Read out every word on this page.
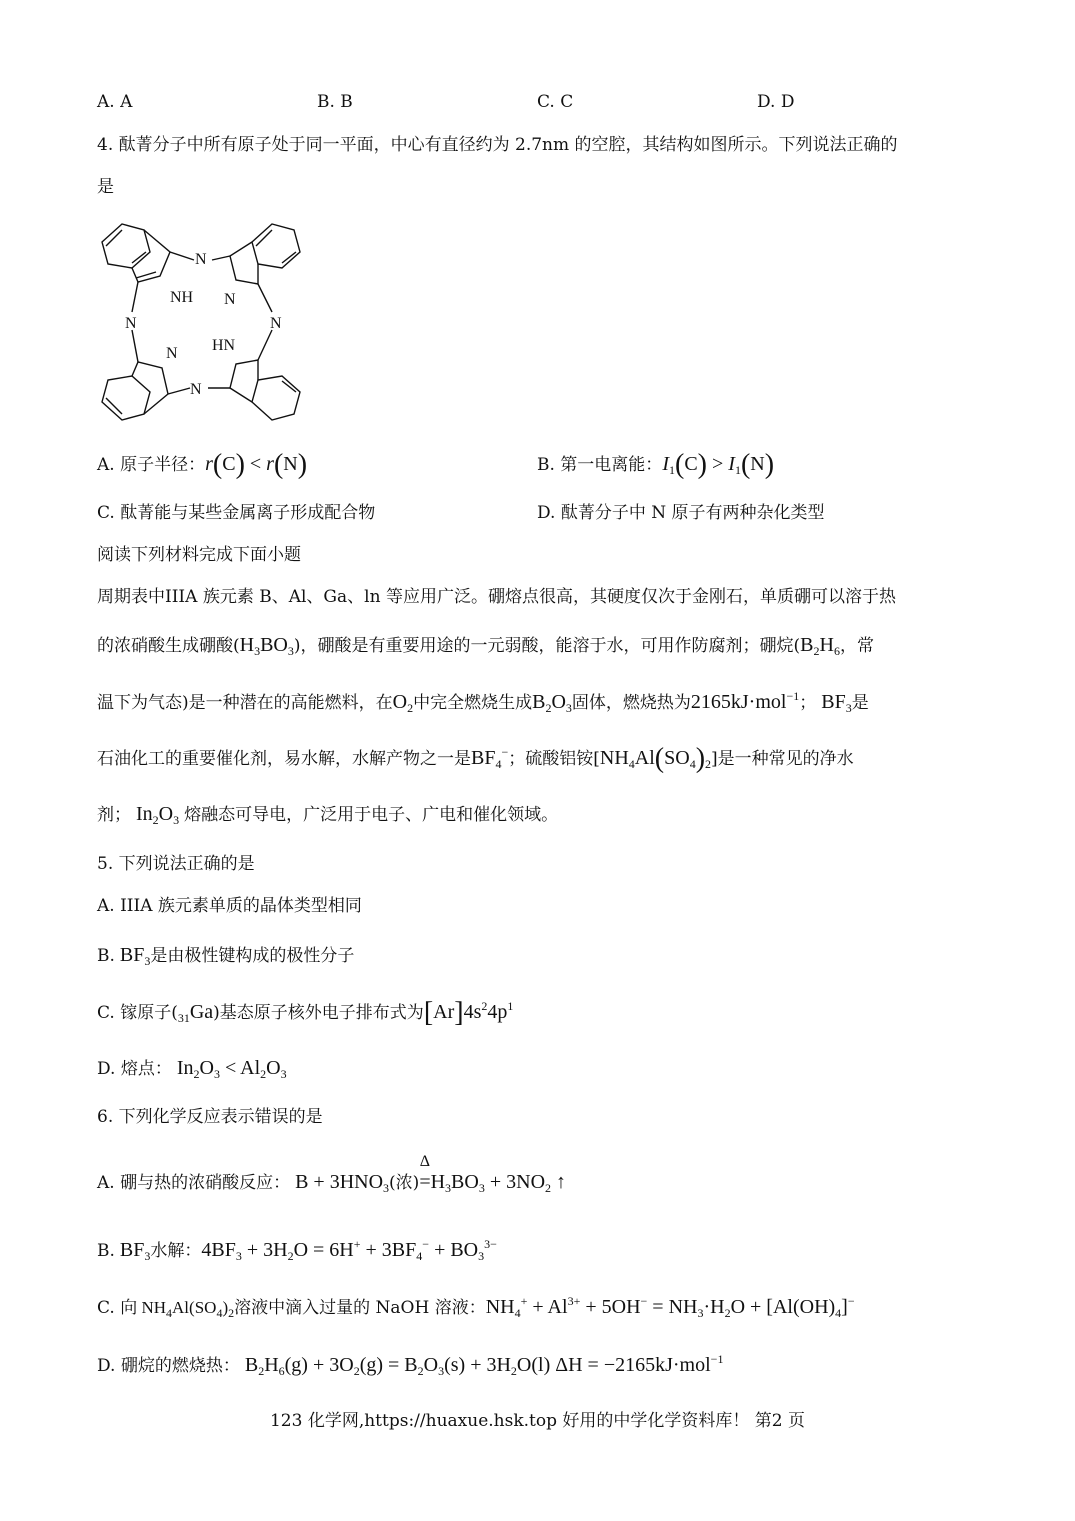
A. A	B. B	C. C	D. D
4. 酞菁分子中所有原子处于同一平面，中心有直径约为 2.7nm 的空腔，其结构如图所示。下列说法正确的
是
N
NH N
N	N
HN
N
N
A. 原子半径：r(C) < r(N)	B. 第一电离能：$I_1(C) > I_1(N)$
C. 酞菁能与某些金属离子形成配合物	D. 酞菁分子中 N 原子有两种杂化类型
阅读下列材料完成下面小题
周期表中IIIA 族元素 B、Al、Ga、ln 等应用广泛。硼熔点很高，其硬度仅次于金刚石，单质硼可以溶于热
的浓硝酸生成硼酸$(H_3BO_3)$，硼酸是有重要用途的一元弱酸，能溶于水，可用作防腐剂；硼烷($B_2H_6$，常
温下为气态)是一种潜在的高能燃料，在$O_2$中完全燃烧生成$B_2O_3$固体，燃烧热为2165kJ·mol$^{-1}$； $BF_3$是
石油化工的重要催化剂，易水解，水解产物之一是$BF_4^-$；硫酸铝铵$[NH_4Al(SO_4)_2]$是一种常见的净水
剂； $In_2O_3$ 熔融态可导电，广泛用于电子、广电和催化领域。
5. 下列说法正确的是
A. IIIA 族元素单质的晶体类型相同
B. $BF_3$是由极性键构成的极性分子
C. 镓原子$(_{31}Ga)$基态原子核外电子排布式为$[Ar]4s^24p^1$
D. 熔点： $In_2O_3 < Al_2O_3$
6. 下列化学反应表示错误的是
A. 硼与热的浓硝酸反应： $B + 3HNO_3$(浓)=
Δ
$H_3BO_3 + 3NO_2$ ↑
B. $BF_3$水解：$4BF_3 + 3H_2O = 6H^+ + 3BF_4^- + BO_3^{3-}$
C. 向 $NH_4Al(SO_4)_2$溶液中滴入过量的 NaOH 溶液：$NH_4^+ + Al^{3+} + 5OH^- = NH_3\cdot H_2O + [Al(OH)_4]^-$
D. 硼烷的燃烧热： $B_2H_6(g) + 3O_2(g) = B_2O_3(s) + 3H_2O(l) \Delta H = -2165kJ\cdot mol^{-1}$
123 化学网,https://huaxue.hsk.top 好用的中学化学资料库！ 第2 页
